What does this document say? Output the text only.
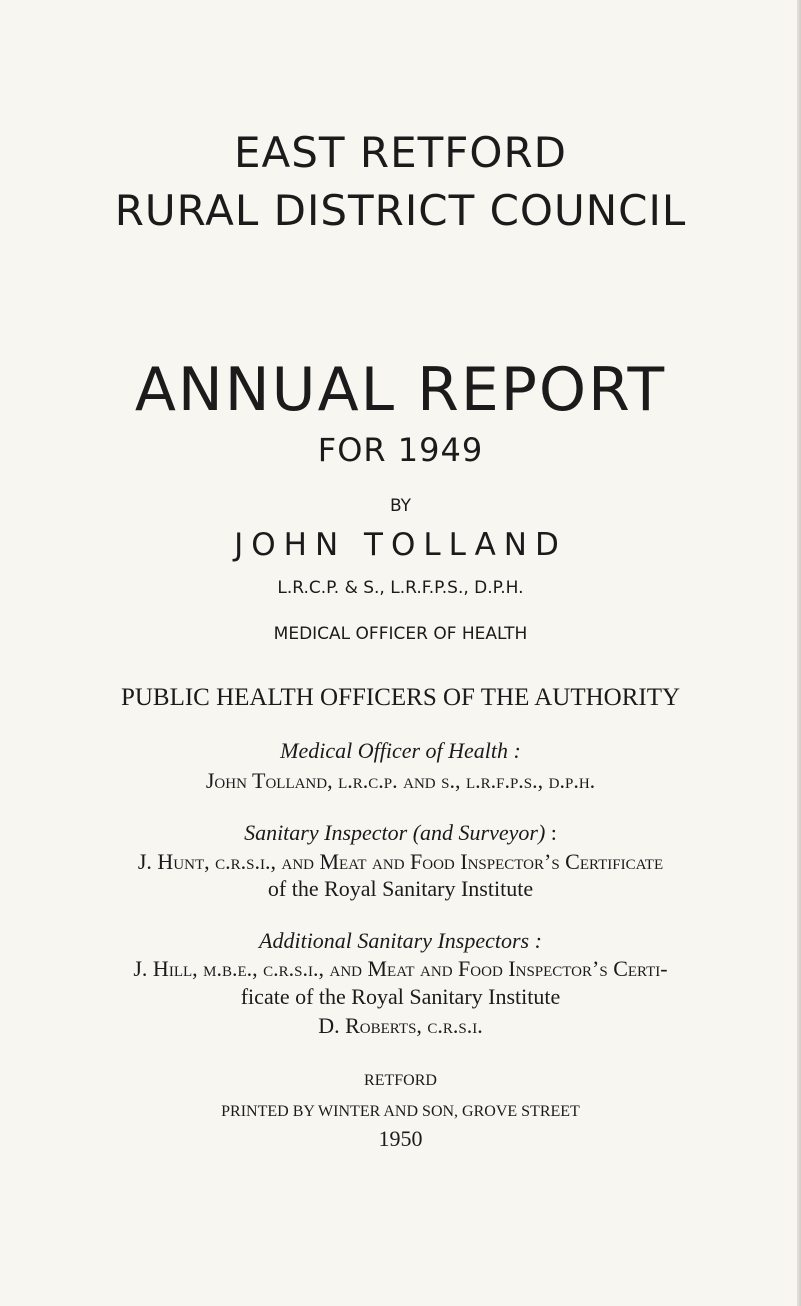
EAST RETFORD
RURAL DISTRICT COUNCIL
ANNUAL REPORT
FOR 1949
BY
JOHN TOLLAND
L.R.C.P. & S., L.R.F.P.S., D.P.H.
MEDICAL OFFICER OF HEALTH
PUBLIC HEALTH OFFICERS OF THE AUTHORITY
Medical Officer of Health :
John Tolland, l.r.c.p. and s., l.r.f.p.s., d.p.h.
Sanitary Inspector (and Surveyor) :
J. Hunt, c.r.s.i., and Meat and Food Inspector’s Certificate
of the Royal Sanitary Institute
Additional Sanitary Inspectors :
J. Hill, m.b.e., c.r.s.i., and Meat and Food Inspector’s Certi-
ficate of the Royal Sanitary Institute
D. Roberts, c.r.s.i.
RETFORD
PRINTED BY WINTER AND SON, GROVE STREET
1950
